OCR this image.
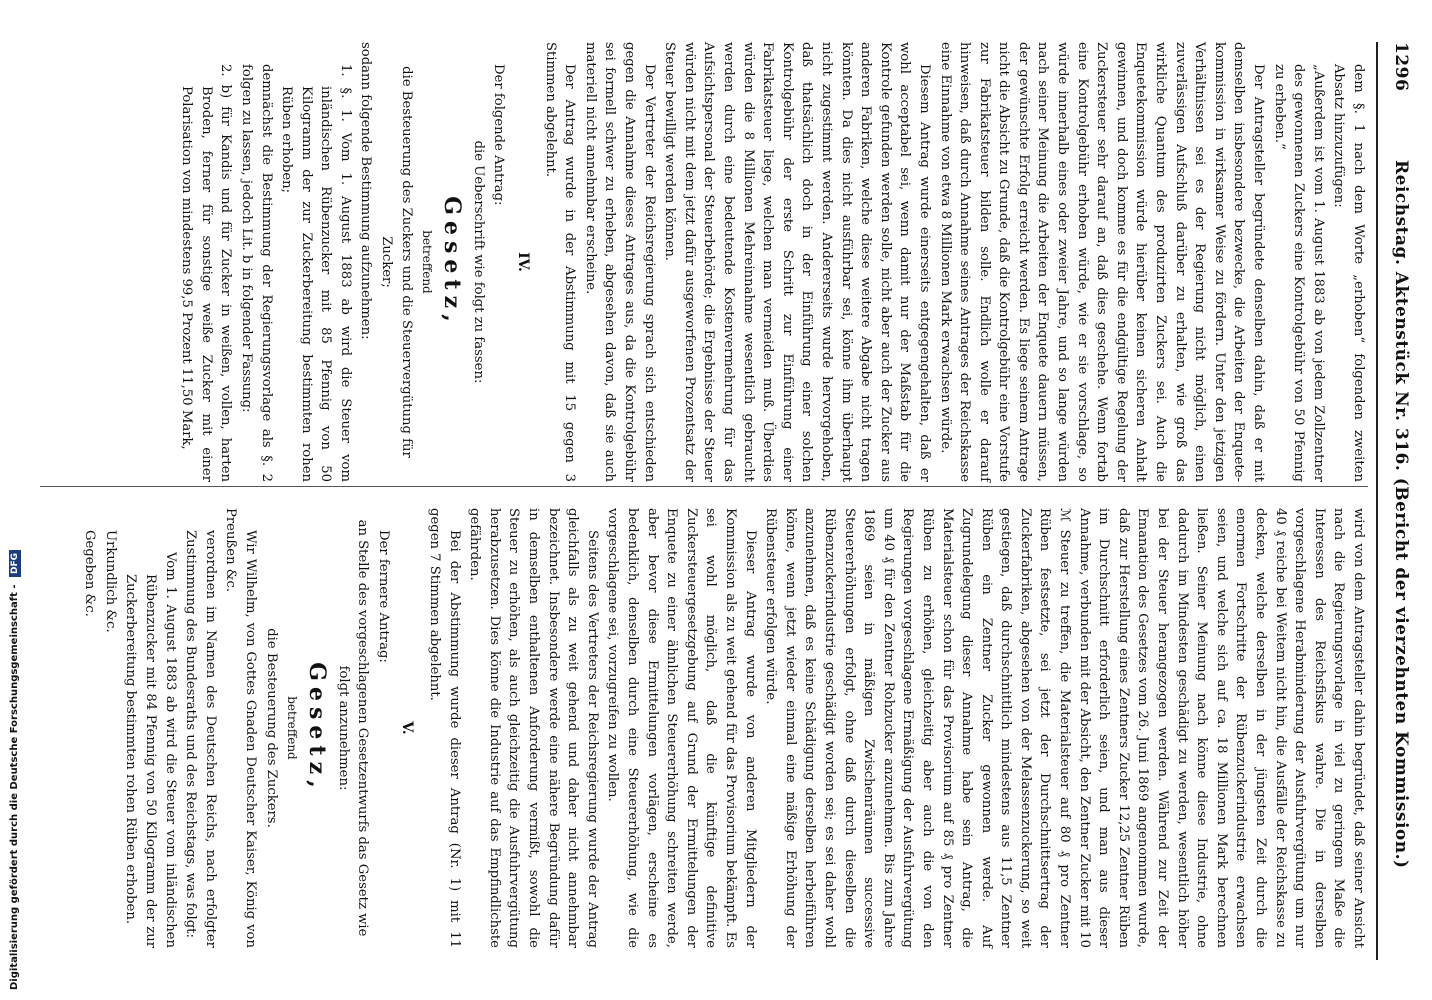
1296
Reichstag. Aktenstück Nr. 316. (Bericht der vierzehnten Kommission.)

dem §. 1 nach dem Worte „erhoben“ folgenden zweiten Absatz hinzuzufügen:

„Außerdem ist vom 1. August 1883 ab von jedem Zollzentner des gewonnenen Zuckers eine Kontrolgebühr von 50 Pfennig zu erheben.“

Der Antragsteller begründete denselben dahin, daß er mit demselben insbesondere bezwecke, die Arbeiten der Enquete-kommission in wirksamer Weise zu fördern. Unter den jetzigen Verhältnissen sei es der Regierung nicht möglich, einen zuverlässigen Aufschluß darüber zu erhalten, wie groß das wirkliche Quantum des produzirten Zuckers sei. Auch die Enquetekommission würde hierüber keinen sicheren Anhalt gewinnen, und doch komme es für die endgültige Regelung der Zuckersteuer sehr darauf an, daß dies geschehe. Wenn fortab eine Kontrolgebühr erhoben würde, wie er sie vorschlage, so würde innerhalb eines oder zweier Jahre, und so lange würden nach seiner Meinung die Arbeiten der Enquete dauern müssen, der gewünschte Erfolg erreicht werden. Es liege seinem Antrage nicht die Absicht zu Grunde, daß die Kontrolgebühr eine Vorstufe zur Fabrikatsteuer bilden solle. Endlich wolle er darauf hinweisen, daß durch Annahme seines Antrages der Reichskasse eine Einnahme von etwa 8 Millionen Mark erwachsen würde.

Diesem Antrag wurde einerseits entgegengehalten, daß er wohl acceptabel sei, wenn damit nur der Maßstab für die Kontrole gefunden werden solle, nicht aber auch der Zucker aus anderen Fabriken, welche diese weitere Abgabe nicht tragen könnten. Da dies nicht ausführbar sei, könne ihm überhaupt nicht zugestimmt werden. Andererseits wurde hervorgehoben, daß thatsächlich doch in der Einführung einer solchen Kontrolgebühr der erste Schritt zur Einführung einer Fabrikatsteuer liege, welchen man vermeiden muß. Überdies würden die 8 Millionen Mehreinnahme wesentlich gebraucht werden durch eine bedeutende Kostenvermehrung für das Aufsichtspersonal der Steuerbehörde; die Ergebnisse der Steuer würden nicht mit dem jetzt dafür ausgeworfenen Prozentsatz der Steuer bewilligt werden können.

Der Vertreter der Reichsregierung sprach sich entschieden gegen die Annahme dieses Antrages aus, da die Kontrolgebühr sei formell schwer zu erheben, abgesehen davon, daß sie auch materiell nicht annehmbar erscheine.

Der Antrag wurde in der Abstimmung mit 15 gegen 3 Stimmen abgelehnt.

IV.

Der folgende Antrag:

die Ueberschrift wie folgt zu fassen:

Gesetz,

betreffend

die Besteuerung des Zuckers und die Steuervergütung für Zucker;

sodann folgende Bestimmung aufzunehmen:

1. §. 1. Vom 1. August 1883 ab wird die Steuer vom inländischen Rübenzucker mit 85 Pfennig von 50 Kilogramm der zur Zuckerbereitung bestimmten rohen Rüben erhoben;

demnächst die Bestimmung der Regierungsvorlage als §. 2 folgen zu lassen, jedoch Lit. b in folgender Fassung:

2. b) für Kandis und für Zucker in weißen, vollen, harten Broden, ferner für sonstige weiße Zucker mit einer Polarisation von mindestens 99,5 Prozent 11,50 Mark,

wird von dem Antragsteller dahin begründet, daß seiner Ansicht nach die Regierungsvorlage in viel zu geringem Maße die Interessen des Reichsfiskus wahre. Die in derselben vorgeschlagene Herabminderung der Ausfuhrvergütung um nur 40 ₰ reiche bei Weitem nicht hin, die Ausfälle der Reichskasse zu decken, welche derselben in der jüngsten Zeit durch die enormen Fortschritte der Rübenzuckerindustrie erwachsen seien, und welche sich auf ca. 18 Millionen Mark berechnen ließen. Seiner Meinung nach könne diese Industrie, ohne dadurch im Mindesten geschädigt zu werden, wesentlich höher bei der Steuer herangezogen werden. Während zur Zeit der Emanation des Gesetzes vom 26. Juni 1869 angenommen wurde, daß zur Herstellung eines Zentners Zucker 12,25 Zentner Rüben im Durchschnitt erforderlich seien, und man aus dieser Annahme, verbunden mit der Absicht, den Zentner Zucker mit 10 ℳ Steuer zu treffen, die Materialsteuer auf 80 ₰ pro Zentner Rüben festsetzte, sei jetzt der Durchschnittsertrag der Zuckerfabriken, abgesehen von der Melassenzuckerung, so weit gestiegen, daß durchschnittlich mindestens aus 11,5 Zentner Rüben ein Zentner Zucker gewonnen werde. Auf Zugrundelegung dieser Annahme habe sein Antrag, die Materialsteuer schon für das Provisorium auf 85 ₰ pro Zentner Rüben zu erhöhen, gleichzeitig aber auch die von den Regierungen vorgeschlagene Ermäßigung der Ausfuhrvergütung um 40 ₰ für den Zentner Rohzucker anzunehmen. Bis zum Jahre 1869 seien in mäßigen Zwischenräumen successive Steuererhöhungen erfolgt, ohne daß durch dieselben die Rübenzuckerindustrie geschädigt worden sei; es sei daher wohl anzunehmen, daß es keine Schädigung derselben herbeiführen könne, wenn jetzt wieder einmal eine mäßige Erhöhung der Rübensteuer erfolgen würde.

Dieser Antrag wurde von anderen Mitgliedern der Kommission als zu weit gehend für das Provisorium bekämpft. Es sei wohl möglich, daß die künftige definitive Zuckersteuergesetzgebung auf Grund der Ermittelungen der Enquete zu einer ähnlichen Steuererhöhung schreiten werde, aber bevor diese Ermittelungen vorlägen, erscheine es bedenklich, denselben durch eine Steuererhöhung, wie die vorgeschlagene sei, vorzugreifen zu wollen.

Seitens des Vertreters der Reichsregierung wurde der Antrag gleichfalls als zu weit gehend und daher nicht annehmbar bezeichnet. Insbesondere werde eine nähere Begründung dafür in demselben enthaltenen Anforderung vermißt, sowohl die Steuer zu erhöhen, als auch gleichzeitig die Ausfuhrvergütung herabzusetzen. Dies könne die Industrie auf das Empfindlichste gefährden.

Bei der Abstimmung wurde dieser Antrag (Nr. 1) mit 11 gegen 7 Stimmen abgelehnt.

V.

Der fernere Antrag:

an Stelle des vorgeschlagenen Gesetzentwurfs das Gesetz wie folgt anzunehmen:

Gesetz,

betreffend

die Besteuerung des Zuckers.

Wir Wilhelm, von Gottes Gnaden Deutscher Kaiser, König von Preußen &c.

verordnen im Namen des Deutschen Reichs, nach erfolgter Zustimmung des Bundesraths und des Reichstags, was folgt:

Vom 1. August 1883 ab wird die Steuer vom inländischen Rübenzucker mit 84 Pfennig von 50 Kilogramm der zur Zuckerbereitung bestimmten rohen Rüben erhoben.

Urkundlich &c.

Gegeben &c.

Digitalisierung gefördert durch die Deutsche Forschungsgemeinschaft - DFG
